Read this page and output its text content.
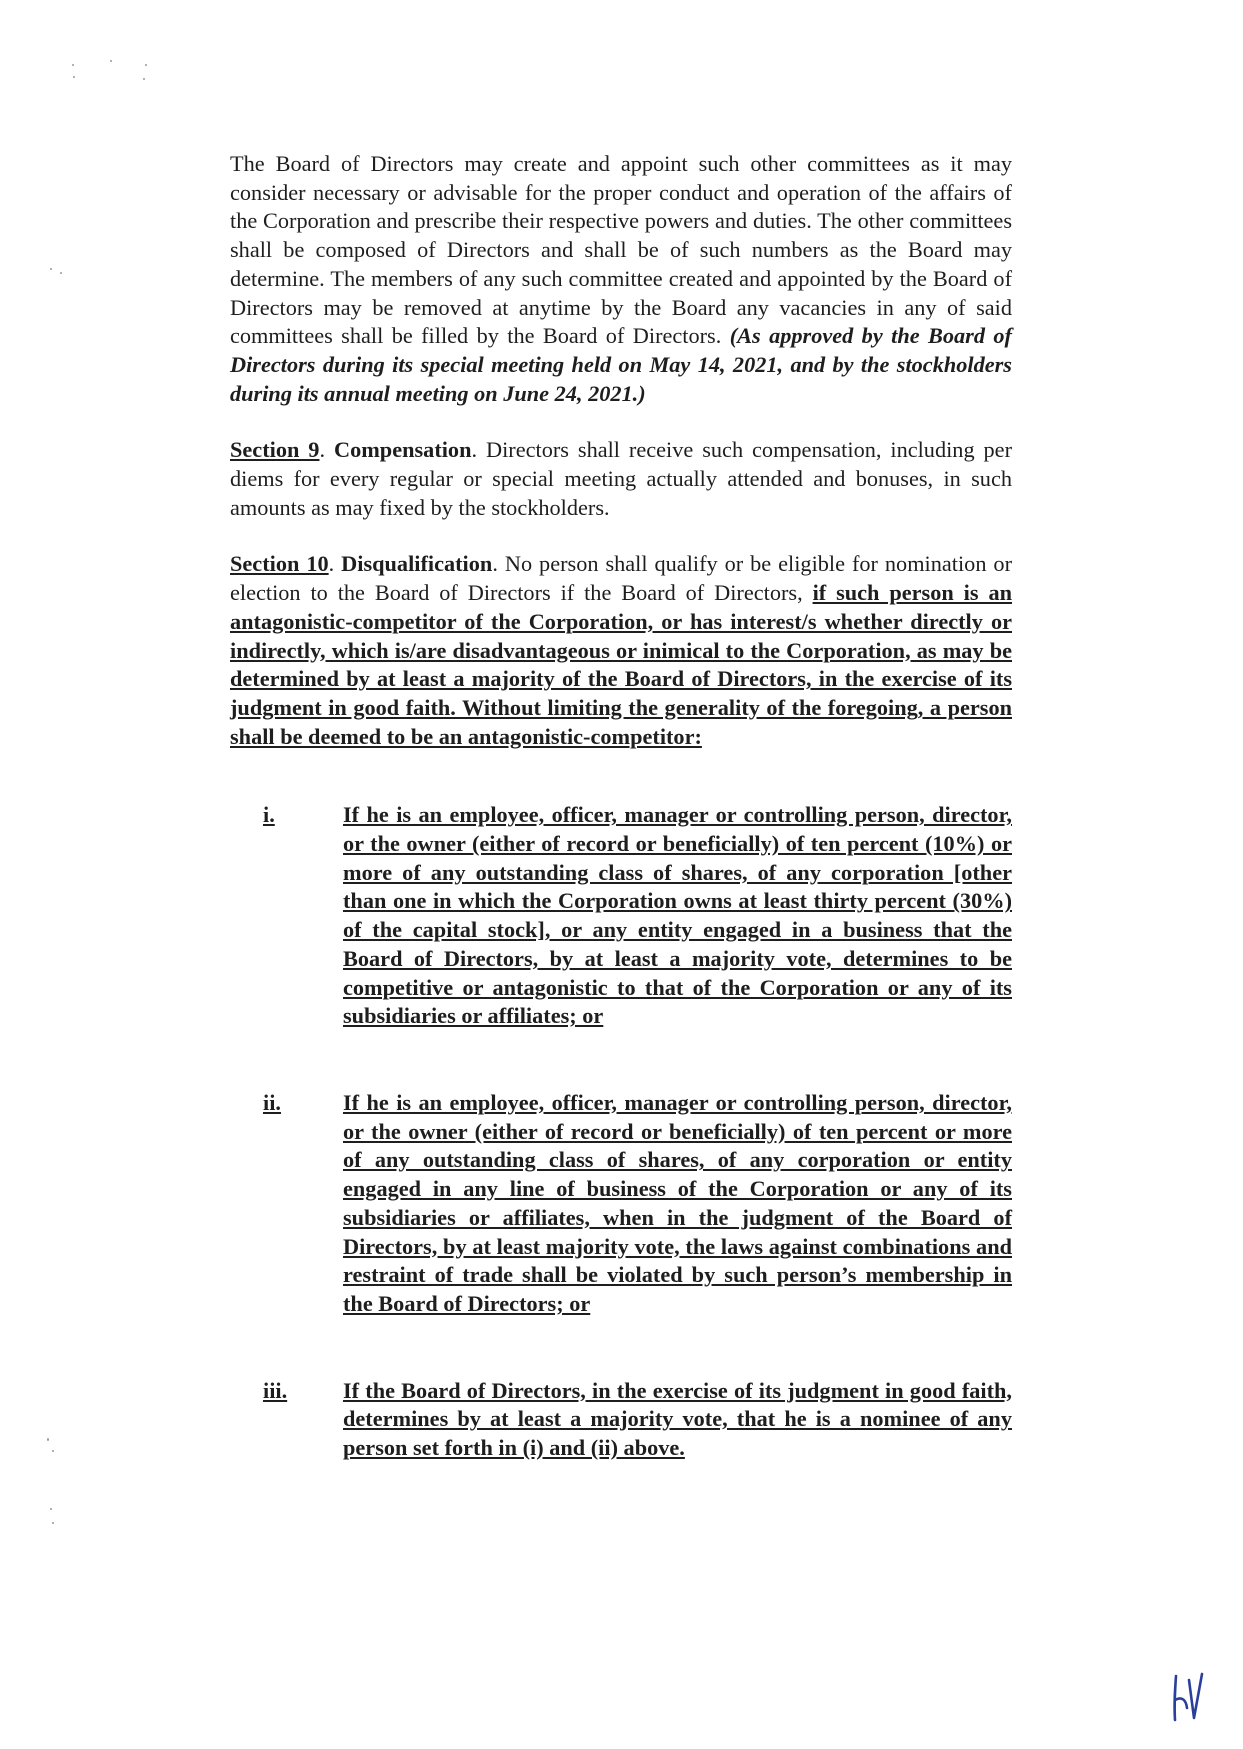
The Board of Directors may create and appoint such other committees as it may consider necessary or advisable for the proper conduct and operation of the affairs of the Corporation and prescribe their respective powers and duties. The other committees shall be composed of Directors and shall be of such numbers as the Board may determine. The members of any such committee created and appointed by the Board of Directors may be removed at anytime by the Board any vacancies in any of said committees shall be filled by the Board of Directors. (As approved by the Board of Directors during its special meeting held on May 14, 2021, and by the stockholders during its annual meeting on June 24, 2021.)

Section 9. Compensation. Directors shall receive such compensation, including per diems for every regular or special meeting actually attended and bonuses, in such amounts as may fixed by the stockholders.

Section 10. Disqualification. No person shall qualify or be eligible for nomination or election to the Board of Directors if the Board of Directors, if such person is an antagonistic-competitor of the Corporation, or has interest/s whether directly or indirectly, which is/are disadvantageous or inimical to the Corporation, as may be determined by at least a majority of the Board of Directors, in the exercise of its judgment in good faith. Without limiting the generality of the foregoing, a person shall be deemed to be an antagonistic-competitor:

i.	If he is an employee, officer, manager or controlling person, director, or the owner (either of record or beneficially) of ten percent (10%) or more of any outstanding class of shares, of any corporation [other than one in which the Corporation owns at least thirty percent (30%) of the capital stock], or any entity engaged in a business that the Board of Directors, by at least a majority vote, determines to be competitive or antagonistic to that of the Corporation or any of its subsidiaries or affiliates; or
ii.	If he is an employee, officer, manager or controlling person, director, or the owner (either of record or beneficially) of ten percent or more of any outstanding class of shares, of any corporation or entity engaged in any line of business of the Corporation or any of its subsidiaries or affiliates, when in the judgment of the Board of Directors, by at least majority vote, the laws against combinations and restraint of trade shall be violated by such person’s membership in the Board of Directors; or
iii.	If the Board of Directors, in the exercise of its judgment in good faith, determines by at least a majority vote, that he is a nominee of any person set forth in (i) and (ii) above.
